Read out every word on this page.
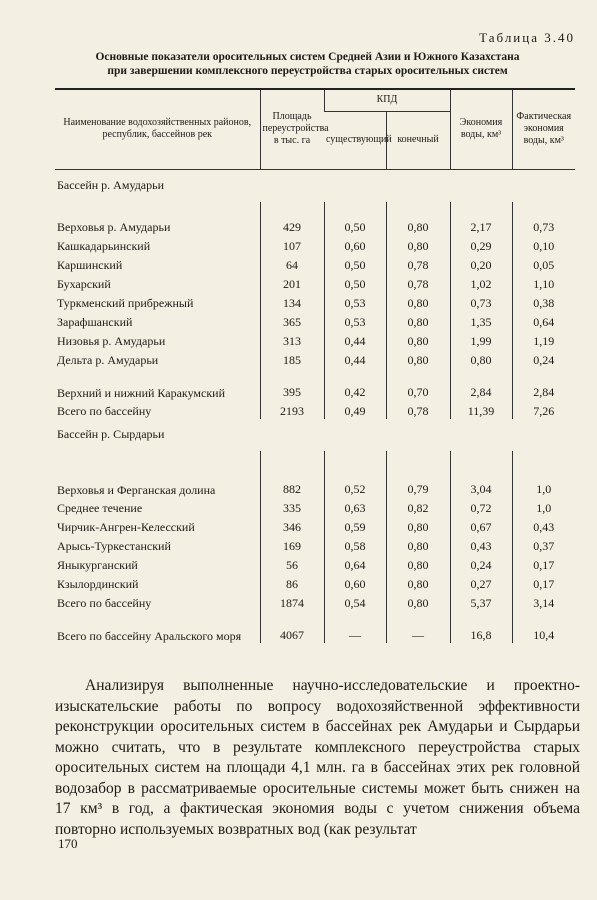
Таблица 3.40
Основные показатели оросительных систем Средней Азии и Южного Казахстана
при завершении комплексного переустройства старых оросительных систем
Наименование водохозяйственных районов, республик, бассейнов рек	Площадь переустройства в тыс. га	КПД		Экономия воды, км³	Фактическая экономия воды, км³
		существующий	конечный		
Бассейн р. Амударьи					

Верховья р. Амударьи	429	0,50	0,80	2,17	0,73
Кашкадарьинский	107	0,60	0,80	0,29	0,10
Каршинский	64	0,50	0,78	0,20	0,05
Бухарский	201	0,50	0,78	1,02	1,10
Туркменский прибрежный	134	0,53	0,80	0,73	0,38
Зарафшанский	365	0,53	0,80	1,35	0,64
Низовья р. Амударьи	313	0,44	0,80	1,99	1,19
Дельта р. Амударьи	185	0,44	0,80	0,80	0,24
Верхний и нижний Каракумский	395	0,42	0,70	2,84	2,84
Всего по бассейну	2193	0,49	0,78	11,39	7,26
Бассейн р. Сырдарьи					

Верховья и Ферганская долина	882	0,52	0,79	3,04	1,0
Среднее течение	335	0,63	0,82	0,72	1,0
Чирчик-Ангрен-Келесский	346	0,59	0,80	0,67	0,43
Арысь-Туркестанский	169	0,58	0,80	0,43	0,37
Яныкурганский	56	0,64	0,80	0,24	0,17
Кзылординский	86	0,60	0,80	0,27	0,17
Всего по бассейну	1874	0,54	0,80	5,37	3,14
Всего по бассейну Аральского моря	4067	—	—	16,8	10,4

Анализируя выполненные научно-исследовательские и проектно-изыскательские работы по вопросу водохозяйственной эффективности реконструкции оросительных систем в бассейнах рек Амударьи и Сырдарьи можно считать, что в результате комплексного переустройства старых оросительных систем на площади 4,1 млн. га в бассейнах этих рек головной водозабор в рассматриваемые оросительные системы может быть снижен на 17 км³ в год, а фактическая экономия воды с учетом снижения объема повторно используемых возвратных вод (как результат

170
